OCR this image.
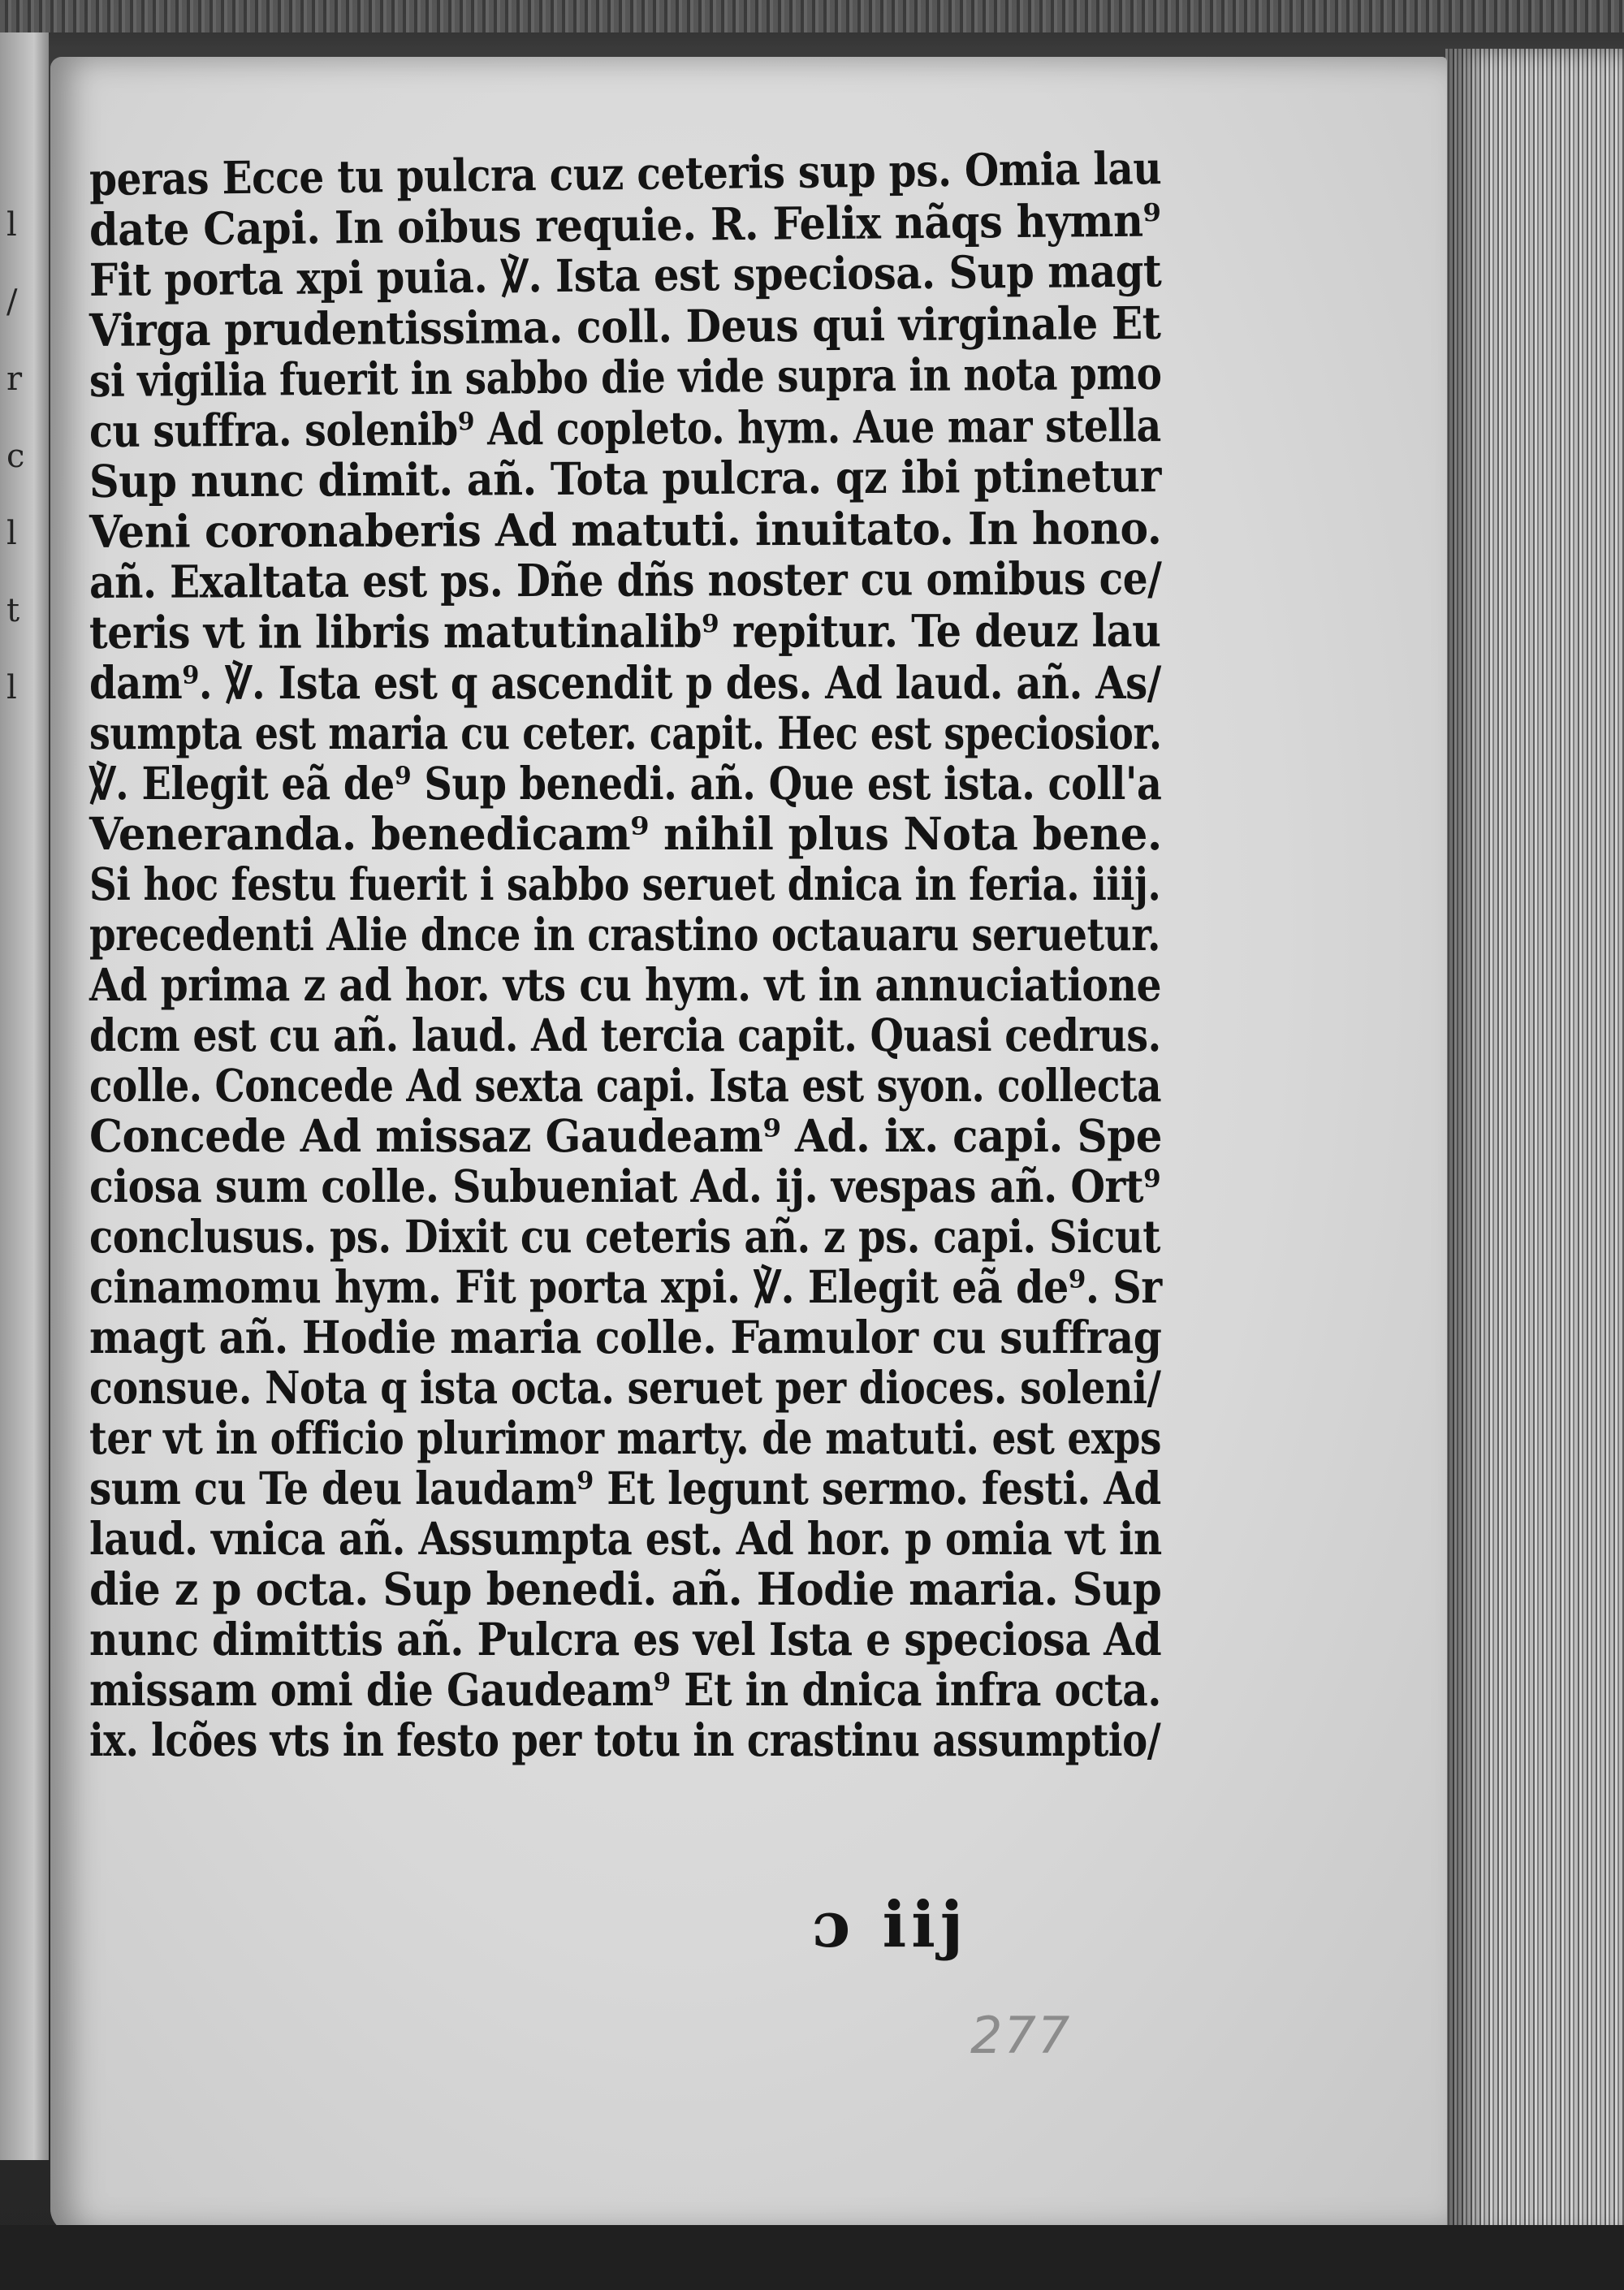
l
/
r
c
l
t
l
peras Ecce tu pulcra cuz ceteris sup ps. Omia lau
date Capi. In oibus requie. R. Felix nãqs hymn⁹
Fit porta xpi puia. ℣. Ista est speciosa. Sup magt
Virga prudentissima. coll. Deus qui virginale Et
si vigilia fuerit in sabbo die vide supra in nota pmo
cu suffra. solenib⁹ Ad copleto. hym. Aue mar stella
Sup nunc dimit. añ. Tota pulcra. qz ibi ptinetur
Veni coronaberis Ad matuti. inuitato. In hono.
añ. Exaltata est ps. Dñe dñs noster cu omibus ce/
teris vt in libris matutinalib⁹ repitur. Te deuz lau
dam⁹. ℣. Ista est q ascendit p des. Ad laud. añ. As/
sumpta est maria cu ceter. capit. Hec est speciosior.
℣. Elegit eã de⁹ Sup benedi. añ. Que est ista. coll'a
Veneranda. benedicam⁹ nihil plus Nota bene.
Si hoc festu fuerit i sabbo seruet dnica in feria. iiij.
precedenti Alie dnce in crastino octauaru seruetur.
Ad prima z ad hor. vts cu hym. vt in annuciatione
dcm est cu añ. laud. Ad tercia capit. Quasi cedrus.
colle. Concede Ad sexta capi. Ista est syon. collecta
Concede Ad missaz Gaudeam⁹ Ad. ix. capi. Spe
ciosa sum colle. Subueniat Ad. ij. vespas añ. Ort⁹
conclusus. ps. Dixit cu ceteris añ. z ps. capi. Sicut
cinamomu hym. Fit porta xpi. ℣. Elegit eã de⁹. Sr
magt añ. Hodie maria colle. Famulor cu suffrag
consue. Nota q ista octa. seruet per dioces. soleni/
ter vt in officio plurimor marty. de matuti. est exps
sum cu Te deu laudam⁹ Et legunt sermo. festi. Ad
laud. vnica añ. Assumpta est. Ad hor. p omia vt in
die z p octa. Sup benedi. añ. Hodie maria. Sup
nunc dimittis añ. Pulcra es vel Ista e speciosa Ad
missam omi die Gaudeam⁹ Et in dnica infra octa.
ix. lcões vts in festo per totu in crastinu assumptio/
ɔ iij
277
